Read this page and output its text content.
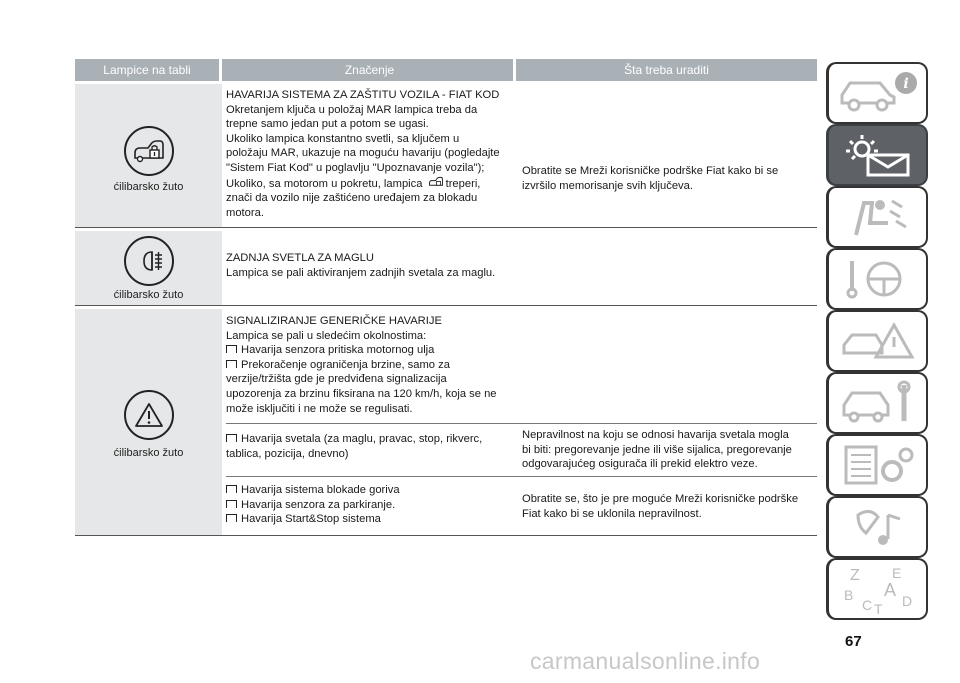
Lampice na tabli	Značenje	Šta treba uraditi
ćilibarsko žuto
HAVARIJA SISTEMA ZA ZAŠTITU VOZILA - FIAT KOD
Okretanjem ključa u položaj MAR lampica treba da
trepne samo jedan put a potom se ugasi.
Ukoliko lampica konstantno svetli, sa ključem u
položaju MAR, ukazuje na moguću havariju (pogledajte
"Sistem Fiat Kod" u poglavlju "Upoznavanje vozila");
Ukoliko, sa motorom u pokretu, lampica treperi,
znači da vozilo nije zaštićeno uređajem za blokadu
motora.
Obratite se Mreži korisničke podrške Fiat kako bi se
izvršilo memorisanje svih ključeva.
ćilibarsko žuto
ZADNJA SVETLA ZA MAGLU
Lampica se pali aktiviranjem zadnjih svetala za maglu.
ćilibarsko žuto
SIGNALIZIRANJE GENERIČKE HAVARIJE
Lampica se pali u sledećim okolnostima:
Havarija senzora pritiska motornog ulja
Prekoračenje ograničenja brzine, samo za
verzije/tržišta gde je predviđena signalizacija
upozorenja za brzinu fiksirana na 120 km/h, koja se ne
može isključiti i ne može se regulisati.
Havarija svetala (za maglu, pravac, stop, rikverc,
tablica, pozicija, dnevno)
Nepravilnost na koju se odnosi havarija svetala mogla
bi biti: pregorevanje jedne ili više sijalica, pregorevanje
odgovarajućeg osigurača ili prekid elektro veze.
Havarija sistema blokade goriva
Havarija senzora za parkiranje.
Havarija Start&Stop sistema
Obratite se, što je pre moguće Mreži korisničke podrške
Fiat kako bi se uklonila nepravilnost.
i
Z E
A
B
C T D
67
carmanualsonline.info
